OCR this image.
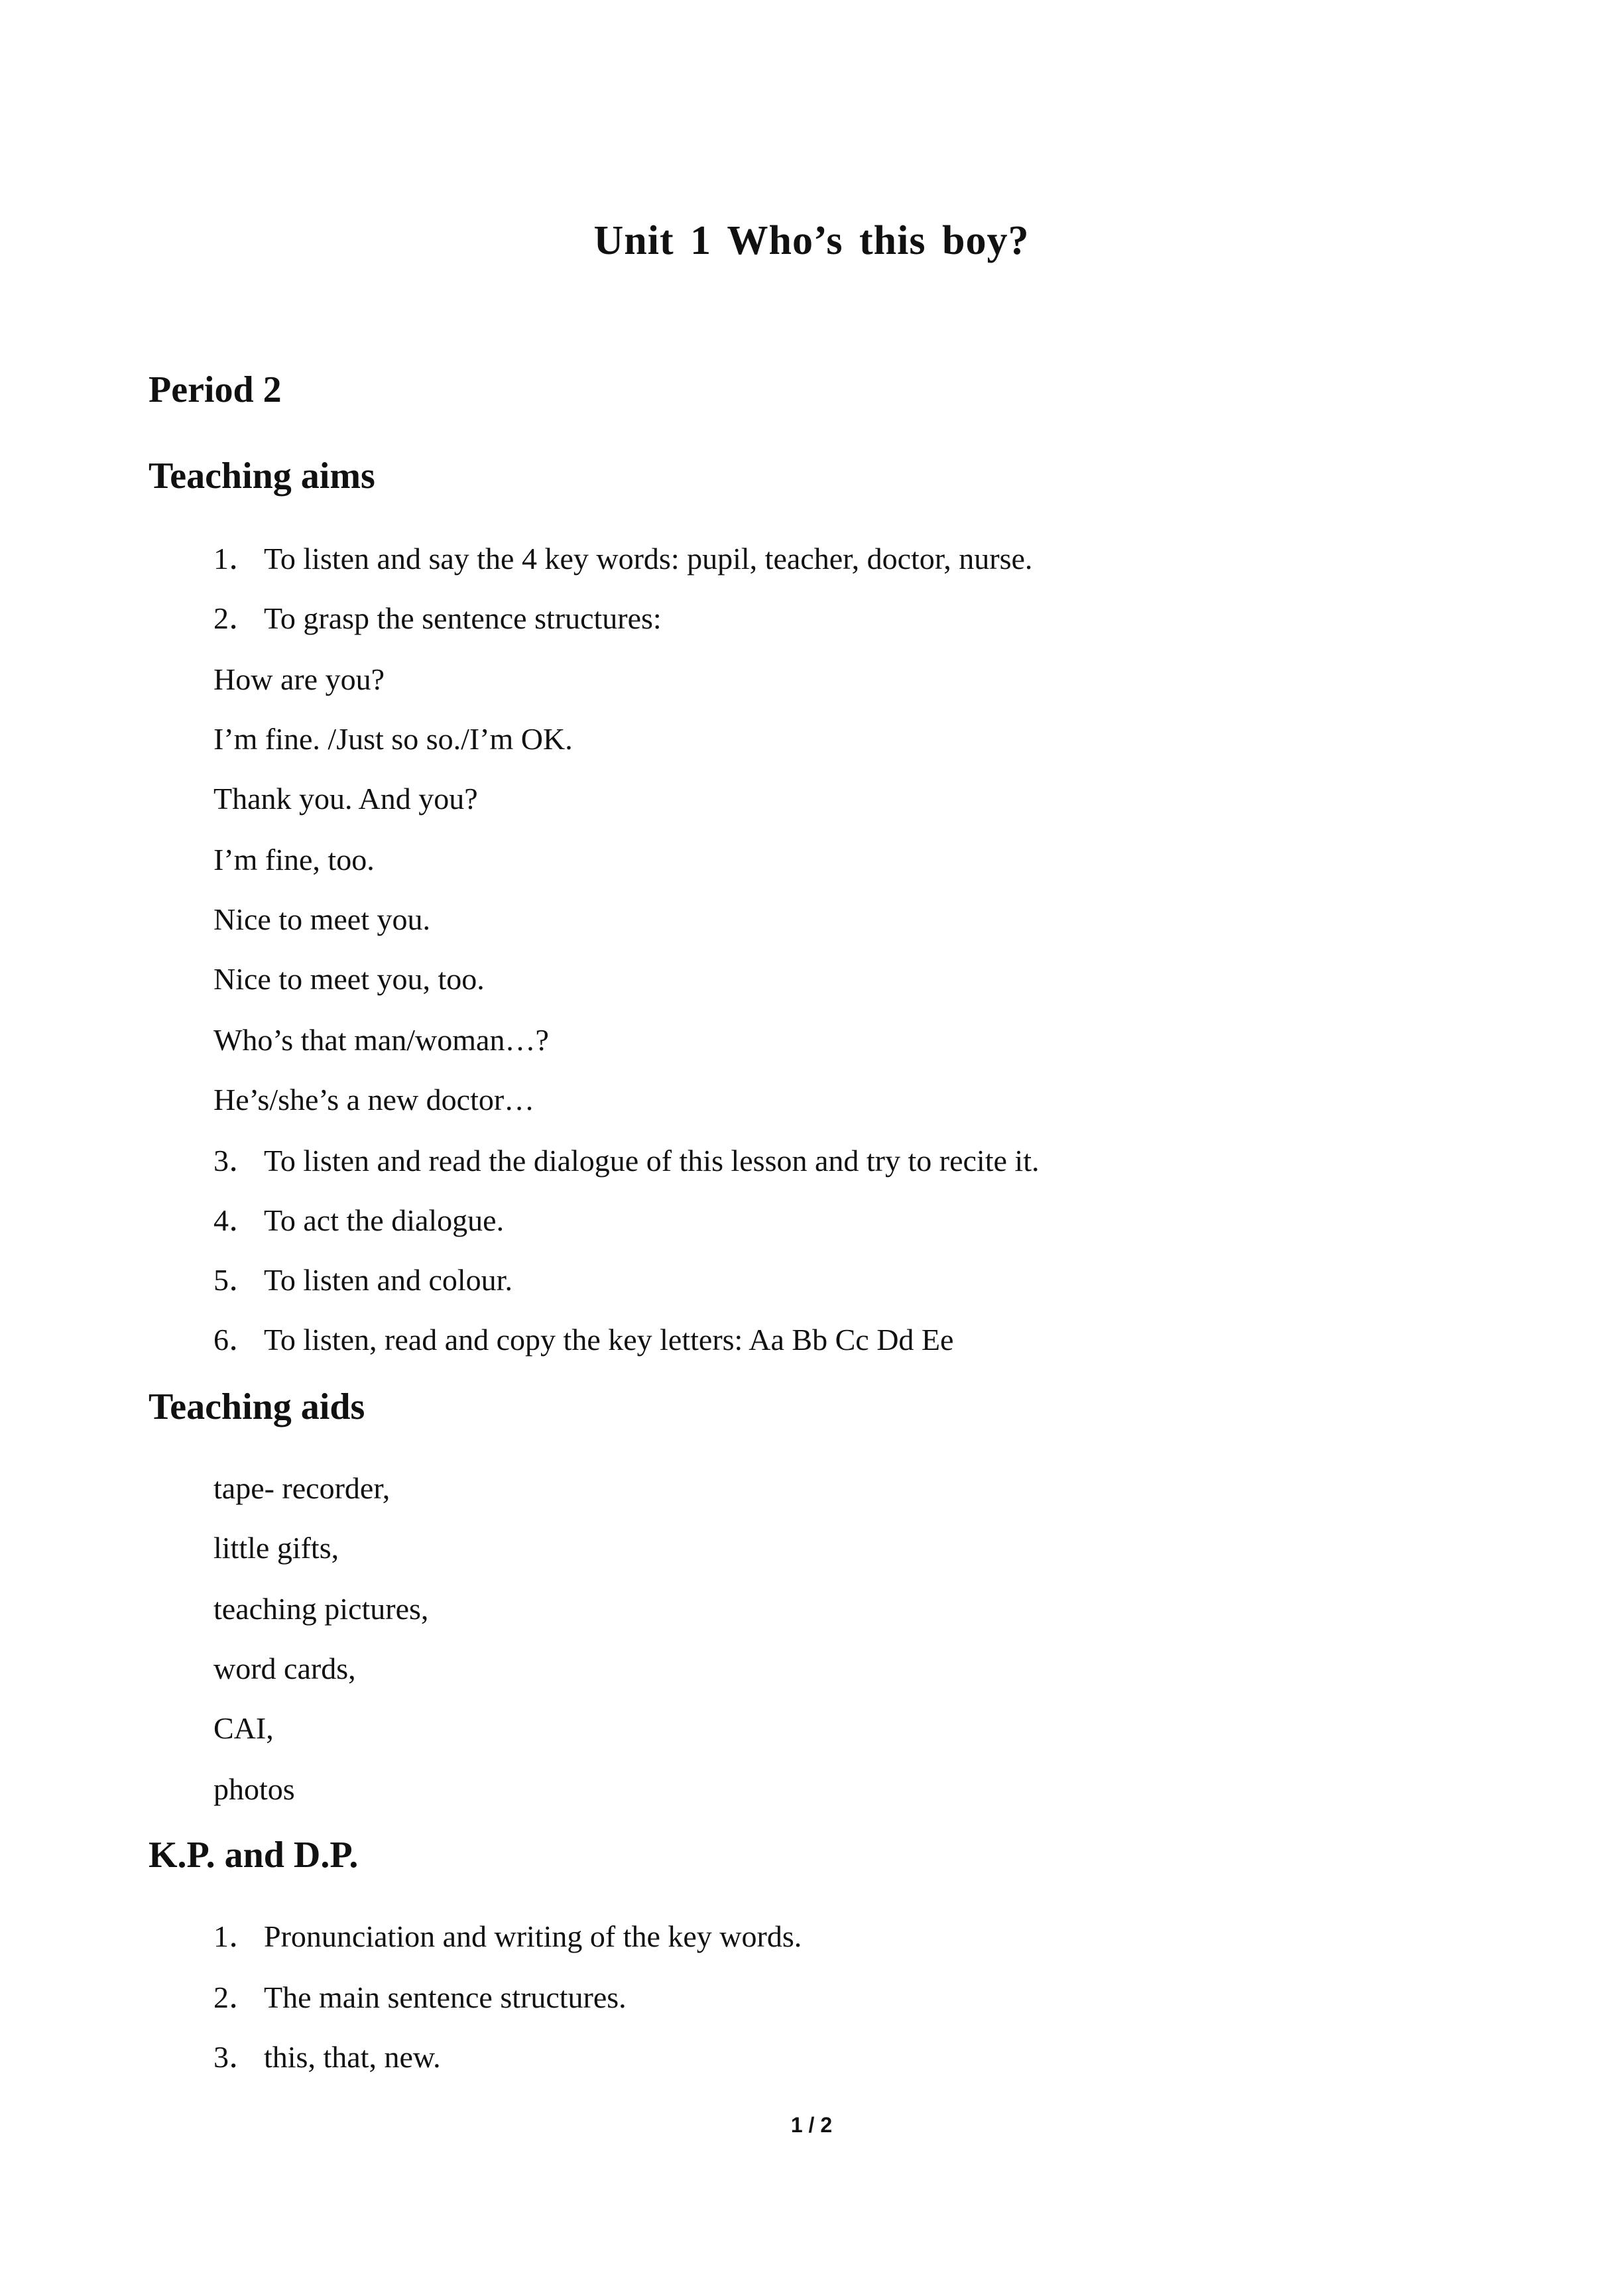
Unit 1 Who’s this boy?
Period 2
Teaching aims
1． To listen and say the 4 key words: pupil, teacher, doctor, nurse.
2． To grasp the sentence structures:
How are you?
I’m fine. /Just so so./I’m OK.
Thank you. And you?
I’m fine, too.
Nice to meet you.
Nice to meet you, too.
Who’s that man/woman…?
He’s/she’s a new doctor…
3． To listen and read the dialogue of this lesson and try to recite it.
4． To act the dialogue.
5． To listen and colour.
6． To listen, read and copy the key letters: Aa Bb Cc Dd Ee
Teaching aids
tape- recorder,
little gifts,
teaching pictures,
word cards,
CAI,
photos
K.P. and D.P.
1． Pronunciation and writing of the key words.
2． The main sentence structures.
3． this, that, new.
1 / 2
